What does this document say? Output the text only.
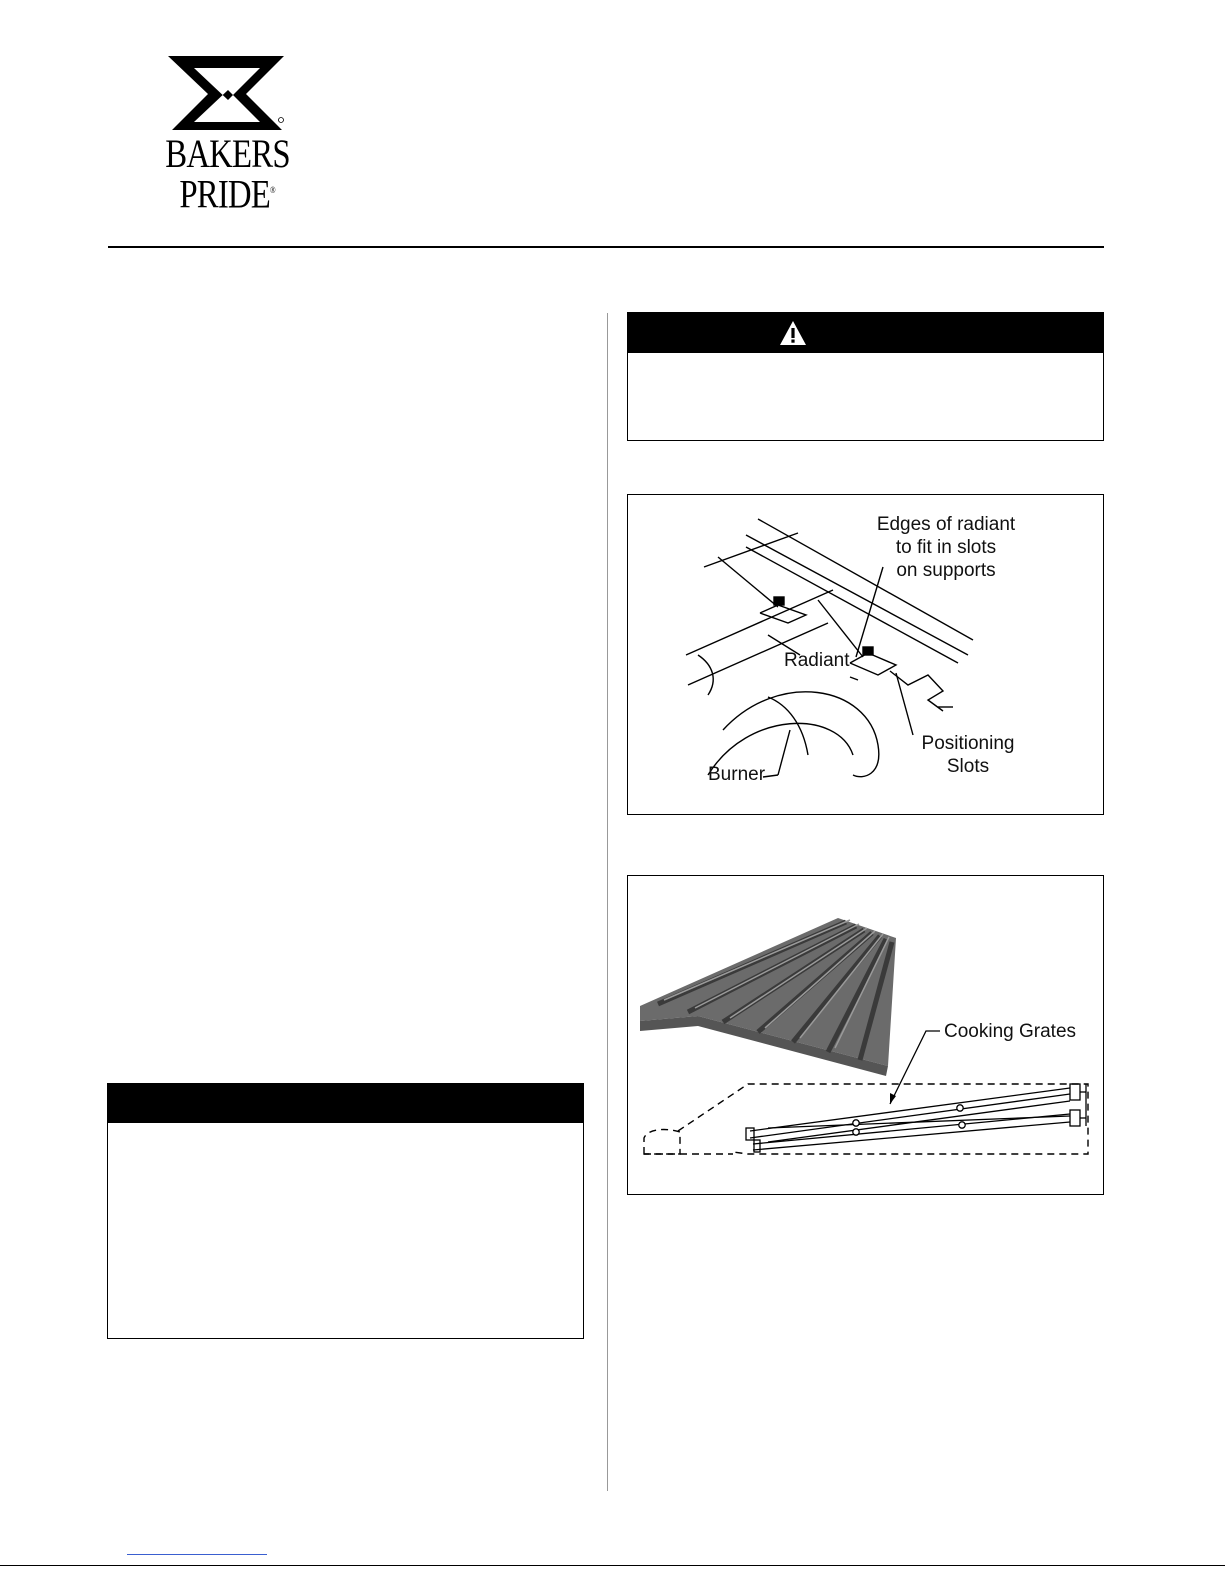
BAKERS
PRIDE®
Edges of radiant
to fit in slots
on supports
Radiant
Positioning
Slots
Burner
Cooking Grates
